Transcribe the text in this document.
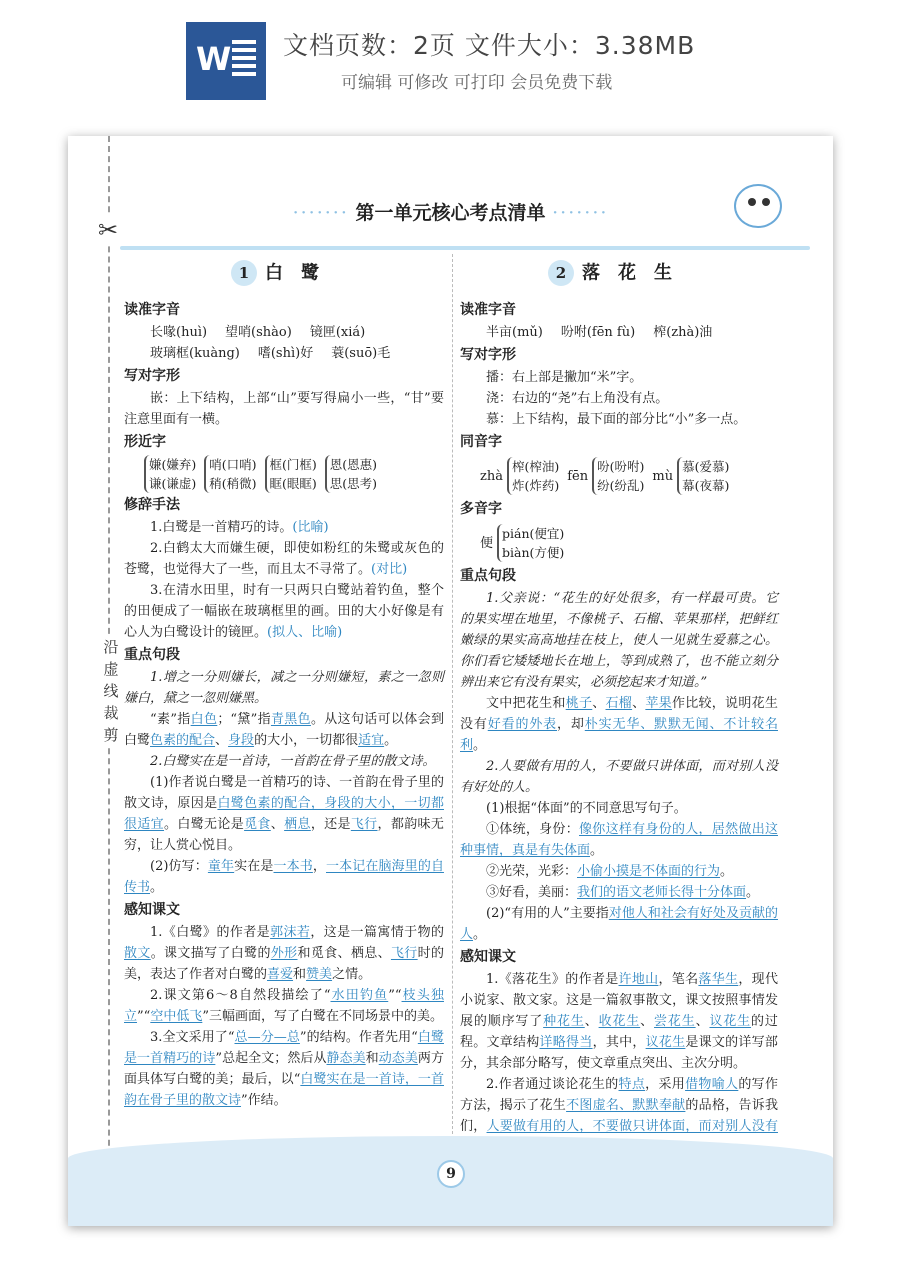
W 文档页数：2页 文件大小：3.38MB
可编辑 可修改 可打印 会员免费下载
✂
沿虚线裁剪
······· 第一单元核心考点清单 ·······
1 白鹭
读准字音
长喙(huì) 望哨(shào) 镜匣(xiá)
玻璃框(kuàng) 嗜(shì)好 蓑(suō)毛
写对字形
嵌：上下结构，上部“山”要写得扁小一些，“甘”要注意里面有一横。
形近字
嫌(嫌弃)
谦(谦虚)
哨(口哨)
稍(稍微)
框(门框)
眶(眼眶)
恩(恩惠)
思(思考)
修辞手法
1.白鹭是一首精巧的诗。(比喻)
2.白鹤太大而嫌生硬，即使如粉红的朱鹭或灰色的苍鹭，也觉得大了一些，而且太不寻常了。(对比)
3.在清水田里，时有一只两只白鹭站着钓鱼，整个的田便成了一幅嵌在玻璃框里的画。田的大小好像是有心人为白鹭设计的镜匣。(拟人、比喻)
重点句段
1.增之一分则嫌长，减之一分则嫌短，素之一忽则嫌白，黛之一忽则嫌黑。
“素”指白色；“黛”指青黑色。从这句话可以体会到白鹭色素的配合、身段的大小，一切都很适宜。
2.白鹭实在是一首诗，一首韵在骨子里的散文诗。
(1)作者说白鹭是一首精巧的诗、一首韵在骨子里的散文诗，原因是白鹭色素的配合，身段的大小，一切都很适宜。白鹭无论是觅食、栖息，还是飞行，都韵味无穷，让人赏心悦目。
(2)仿写：童年实在是一本书，一本记在脑海里的自传书。
感知课文
1.《白鹭》的作者是郭沫若，这是一篇寓情于物的散文。课文描写了白鹭的外形和觅食、栖息、飞行时的美，表达了作者对白鹭的喜爱和赞美之情。
2.课文第6～8自然段描绘了“水田钓鱼”“枝头独立”“空中低飞”三幅画面，写了白鹭在不同场景中的美。
3.全文采用了“总—分—总”的结构。作者先用“白鹭是一首精巧的诗”总起全文；然后从静态美和动态美两方面具体写白鹭的美；最后，以“白鹭实在是一首诗，一首韵在骨子里的散文诗”作结。
2 落花生
读准字音
半亩(mǔ) 吩咐(fēn fù) 榨(zhà)油
写对字形
播：右上部是撇加“米”字。
浇：右边的“尧”右上角没有点。
慕：上下结构，最下面的部分比“小”多一点。
同音字
zhà
榨(榨油)
炸(炸药)
fēn
吩(吩咐)
纷(纷乱)
mù
慕(爱慕)
幕(夜幕)
多音字
便
pián(便宜)
biàn(方便)
重点句段
1.父亲说：“花生的好处很多，有一样最可贵。它的果实埋在地里，不像桃子、石榴、苹果那样，把鲜红嫩绿的果实高高地挂在枝上，使人一见就生爱慕之心。你们看它矮矮地长在地上，等到成熟了，也不能立刻分辨出来它有没有果实，必须挖起来才知道。”
文中把花生和桃子、石榴、苹果作比较，说明花生没有好看的外表，却朴实无华、默默无闻、不计较名利。
2.人要做有用的人，不要做只讲体面，而对别人没有好处的人。
(1)根据“体面”的不同意思写句子。
①体统，身份：像你这样有身份的人，居然做出这种事情，真是有失体面。
②光荣，光彩：小偷小摸是不体面的行为。
③好看，美丽：我们的语文老师长得十分体面。
(2)“有用的人”主要指对他人和社会有好处及贡献的人。
感知课文
1.《落花生》的作者是许地山，笔名落华生，现代小说家、散文家。这是一篇叙事散文，课文按照事情发展的顺序写了种花生、收花生、尝花生、议花生的过程。文章结构详略得当，其中，议花生是课文的详写部分，其余部分略写，使文章重点突出、主次分明。
2.作者通过谈论花生的特点，采用借物喻人的写作方法，揭示了花生不图虚名、默默奉献的品格，告诉我们，人要做有用的人，不要做只讲体面，而对别人没有
9
